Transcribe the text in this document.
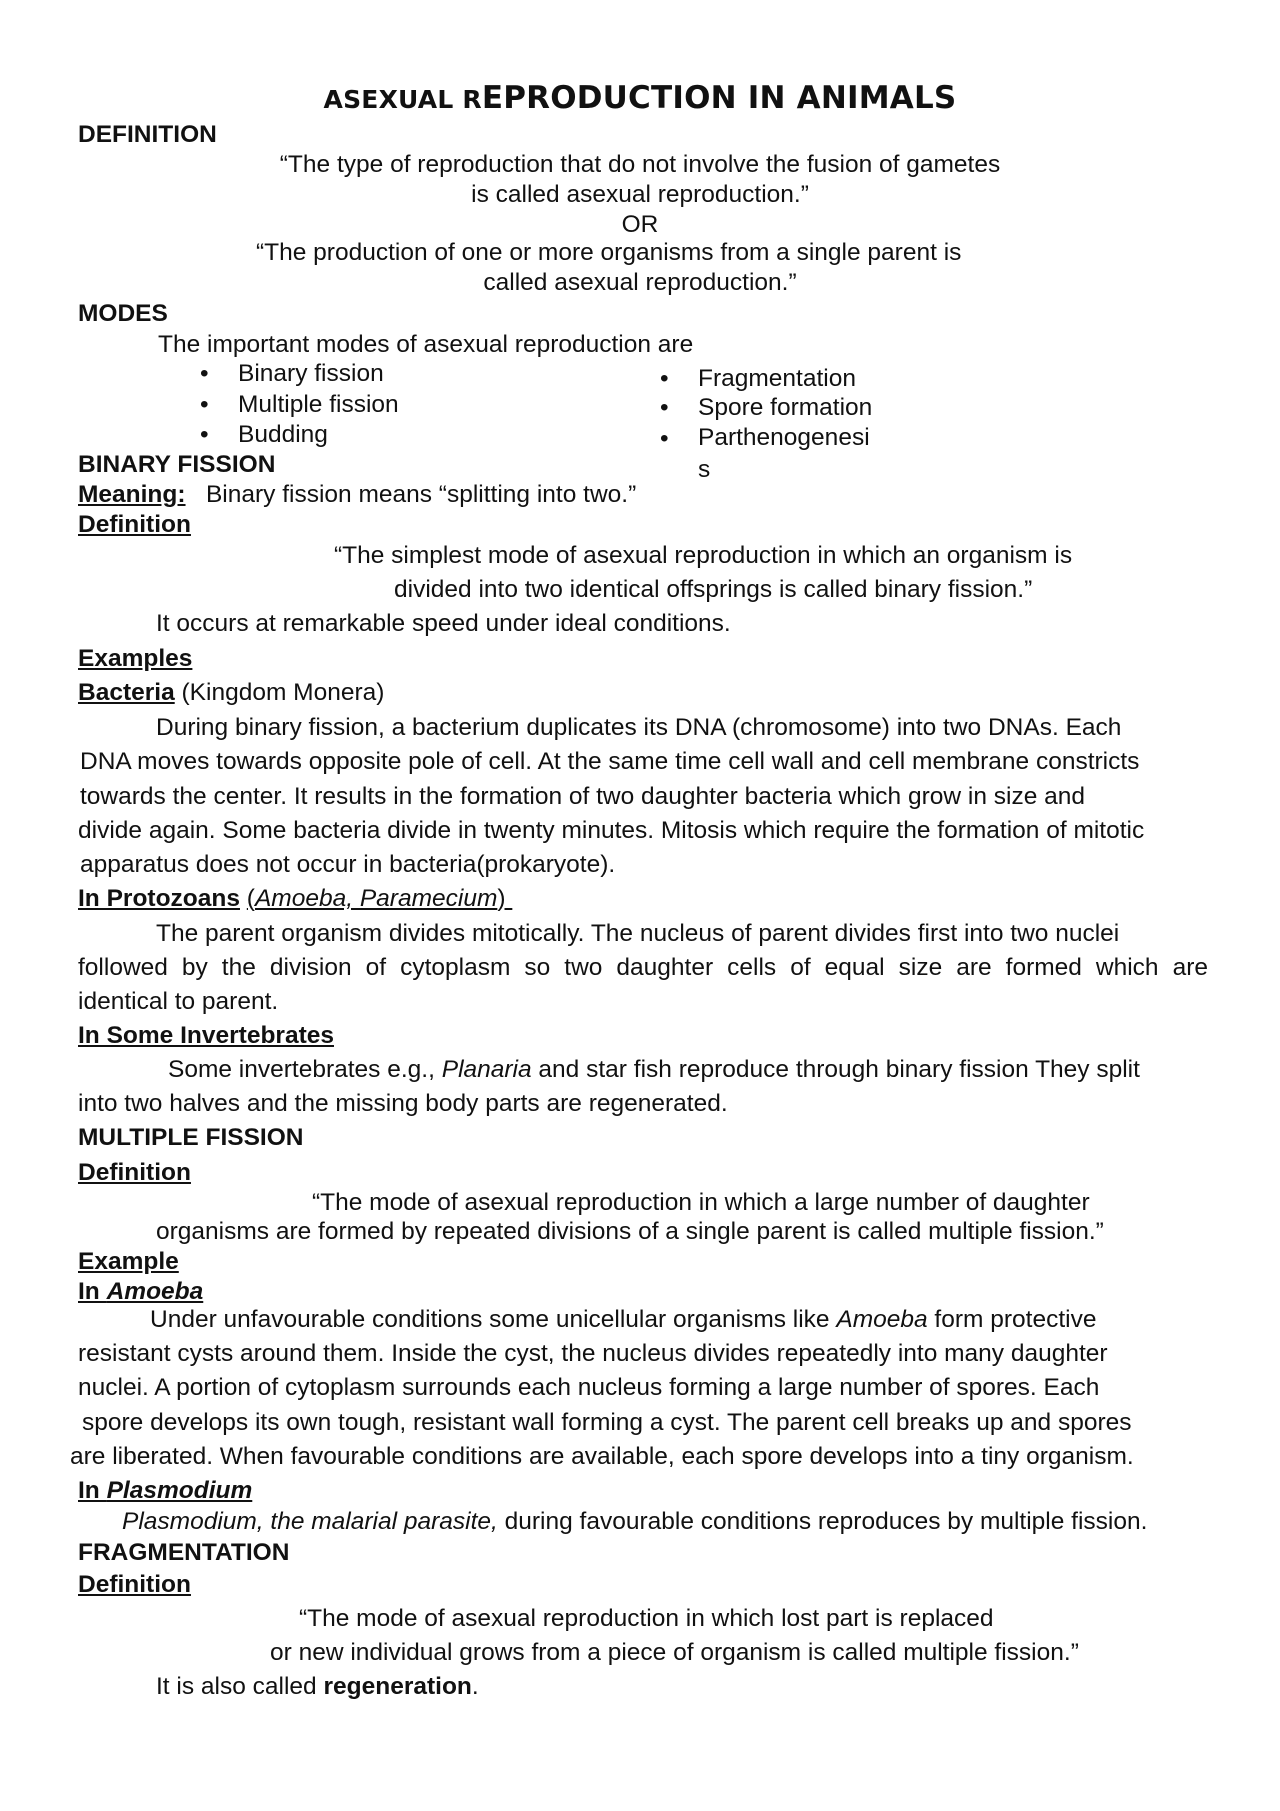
ASEXUAL REPRODUCTION IN ANIMALS
DEFINITION
“The type of reproduction that do not involve the fusion of gametes
is called asexual reproduction.”
OR
“The production of one or more organisms from a single parent is
called asexual reproduction.”
MODES
The important modes of asexual reproduction are
• Binary fission
• Multiple fission
• Budding
• Fragmentation
• Spore formation
•	Parthenogenesis
BINARY FISSION
Meaning: Binary fission means “splitting into two.”
Definition
“The simplest mode of asexual reproduction in which an organism is
divided into two identical offsprings is called binary fission.”
It occurs at remarkable speed under ideal conditions.
Examples
Bacteria (Kingdom Monera)
During binary fission, a bacterium duplicates its DNA (chromosome) into two DNAs. Each
DNA moves towards opposite pole of cell. At the same time cell wall and cell membrane constricts
towards the center. It results in the formation of two daughter bacteria which grow in size and
divide again. Some bacteria divide in twenty minutes. Mitosis which require the formation of mitotic
apparatus does not occur in bacteria(prokaryote).
In Protozoans (Amoeba, Paramecium)
The parent organism divides mitotically. The nucleus of parent divides first into two nuclei
followed by the division of cytoplasm so two daughter cells of equal size are formed which are
identical to parent.
In Some Invertebrates
Some invertebrates e.g., Planaria and star fish reproduce through binary fission They split
into two halves and the missing body parts are regenerated.
MULTIPLE FISSION
Definition
“The mode of asexual reproduction in which a large number of daughter
organisms are formed by repeated divisions of a single parent is called multiple fission.”
Example
In Amoeba
Under unfavourable conditions some unicellular organisms like Amoeba form protective
resistant cysts around them. Inside the cyst, the nucleus divides repeatedly into many daughter
nuclei. A portion of cytoplasm surrounds each nucleus forming a large number of spores. Each
spore develops its own tough, resistant wall forming a cyst. The parent cell breaks up and spores
are liberated. When favourable conditions are available, each spore develops into a tiny organism.
In Plasmodium
Plasmodium, the malarial parasite, during favourable conditions reproduces by multiple fission.
FRAGMENTATION
Definition
“The mode of asexual reproduction in which lost part is replaced
or new individual grows from a piece of organism is called multiple fission.”
It is also called regeneration.
